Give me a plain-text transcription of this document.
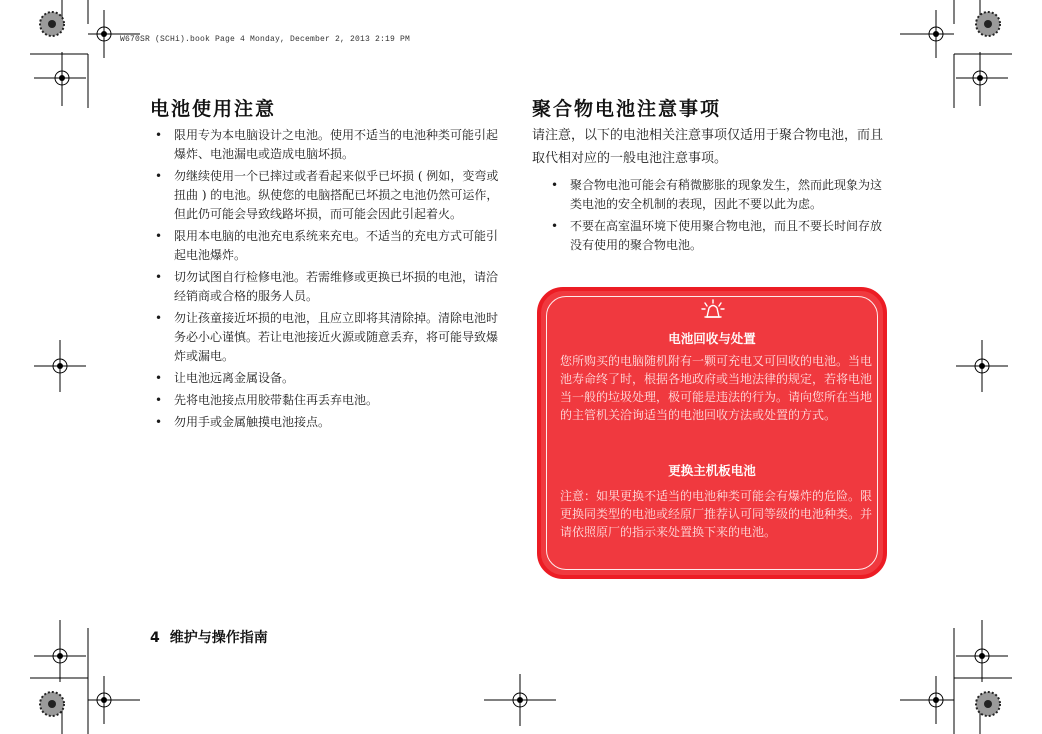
W670SR (SCHi).book Page 4 Monday, December 2, 2013 2:19 PM
电池使用注意
• 限用专为本电脑设计之电池。使用不适当的电池种类可能引起爆炸、电池漏电或造成电脑坏损。
• 勿继续使用一个已摔过或者看起来似乎已坏损 ( 例如，变弯或扭曲 ) 的电池。纵使您的电脑搭配已坏损之电池仍然可运作，但此仍可能会导致线路坏损，而可能会因此引起着火。
• 限用本电脑的电池充电系统来充电。不适当的充电方式可能引起电池爆炸。
• 切勿试图自行检修电池。若需维修或更换已坏损的电池，请洽经销商或合格的服务人员。
• 勿让孩童接近坏损的电池，且应立即将其清除掉。清除电池时务必小心谨慎。若让电池接近火源或随意丢弃，将可能导致爆炸或漏电。
• 让电池远离金属设备。
• 先将电池接点用胶带黏住再丢弃电池。
• 勿用手或金属触摸电池接点。
聚合物电池注意事项

请注意，以下的电池相关注意事项仅适用于聚合物电池，而且取代相对应的一般电池注意事项。

• 聚合物电池可能会有稍微膨胀的现象发生，然而此现象为这类电池的安全机制的表现，因此不要以此为虑。
• 不要在高室温环境下使用聚合物电池，而且不要长时间存放没有使用的聚合物电池。

电池回收与处置

您所购买的电脑随机附有一颗可充电又可回收的电池。当电池寿命终了时，根据各地政府或当地法律的规定，若将电池当一般的垃圾处理，极可能是违法的行为。请向您所在当地的主管机关洽询适当的电池回收方法或处置的方式。

更换主机板电池

注意：如果更换不适当的电池种类可能会有爆炸的危险。限更换同类型的电池或经原厂推荐认可同等级的电池种类。并请依照原厂的指示来处置换下来的电池。

4 维护与操作指南
